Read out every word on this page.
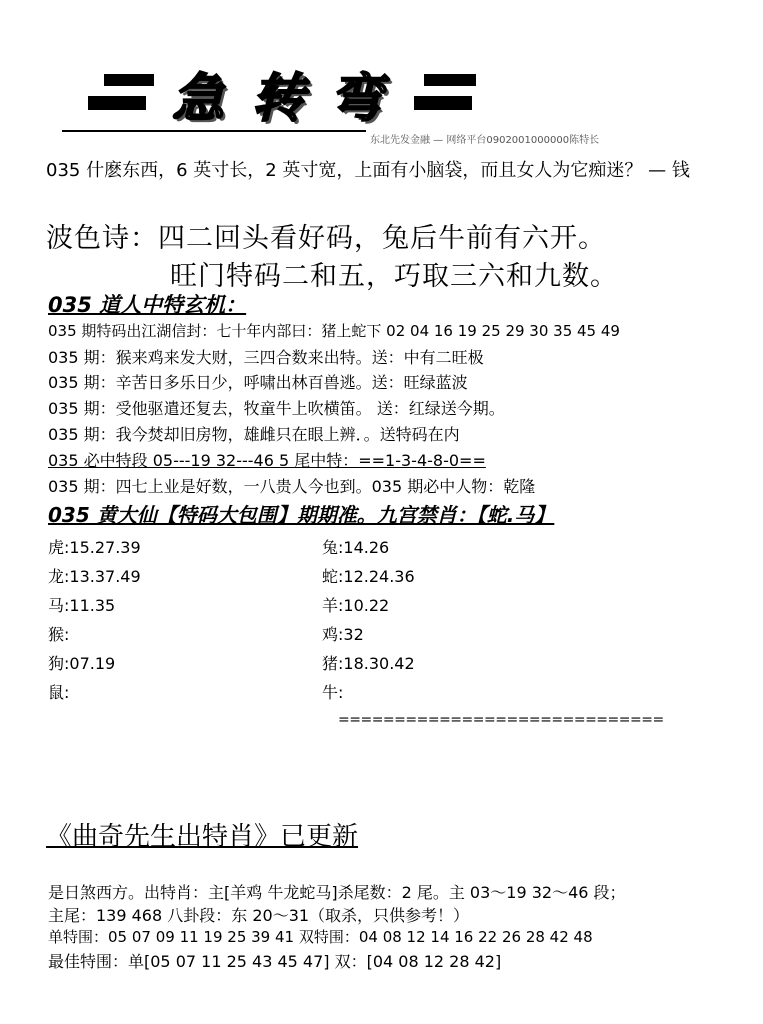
急 转 弯
东北先发金融 — 网络平台0902001000000陈特长
035 什麽东西，6 英寸长，2 英寸宽，上面有小脑袋，而且女人为它痴迷？ — 钱
波色诗：四二回头看好码，兔后牛前有六开。
旺门特码二和五，巧取三六和九数。
035 道人中特玄机：
035 期特码出江湖信封：七十年内部曰：猪上蛇下 02 04 16 19 25 29 30 35 45 49
035 期：猴来鸡来发大财，三四合数来出特。送：中有二旺极
035 期：辛苦日多乐日少，呼啸出林百兽逃。送：旺绿蓝波
035 期：受他驱遣还复去，牧童牛上吹横笛。 送：红绿送今期。
035 期：我今焚却旧房物，雄雌只在眼上辨．。送特码在内
035 必中特段 05---19 32---46 5 尾中特：==1-3-4-8-0==
035 期：四七上业是好数，一八贵人今也到。035 期必中人物：乾隆
035 黄大仙【特码大包围】期期准。九宫禁肖：【蛇.马】
虎:15.27.39
龙:13.37.49
马:11.35
猴:
狗:07.19
鼠:
兔:14.26
蛇:12.24.36
羊:10.22
鸡:32
猪:18.30.42
牛:
=============================
《曲奇先生出特肖》已更新
是日煞西方。出特肖：主[羊鸡 牛龙蛇马]杀尾数：2 尾。主 03～19 32～46 段；
主尾：139 468 八卦段：东 20～31（取杀，只供参考！）
单特围：05 07 09 11 19 25 39 41 双特围：04 08 12 14 16 22 26 28 42 48
最佳特围：单[05 07 11 25 43 45 47] 双：[04 08 12 28 42]
